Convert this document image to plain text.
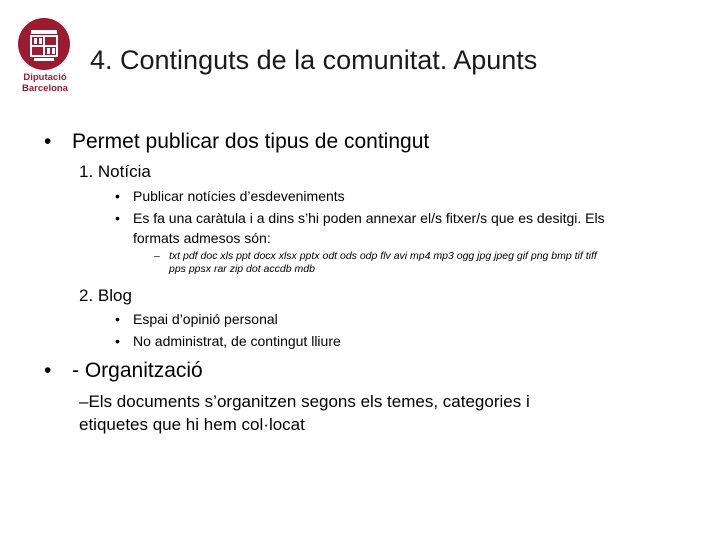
Diputació
Barcelona
4. Continguts de la comunitat. Apunts
• Permet publicar dos tipus de contingut
1. Notícia
• Publicar notícies d’esdeveniments
• Es fa una caràtula i a dins s’hi poden annexar el/s fitxer/s que es desitgi. Els
formats admesos són:
– txt pdf doc xls ppt docx xlsx pptx odt ods odp flv avi mp4 mp3 ogg jpg jpeg gif png bmp tif tiff
pps ppsx rar zip dot accdb mdb
2. Blog
• Espai d’opinió personal
• No administrat, de contingut lliure
• - Organització
–Els documents s’organitzen segons els temes, categories i
etiquetes que hi hem col·locat
